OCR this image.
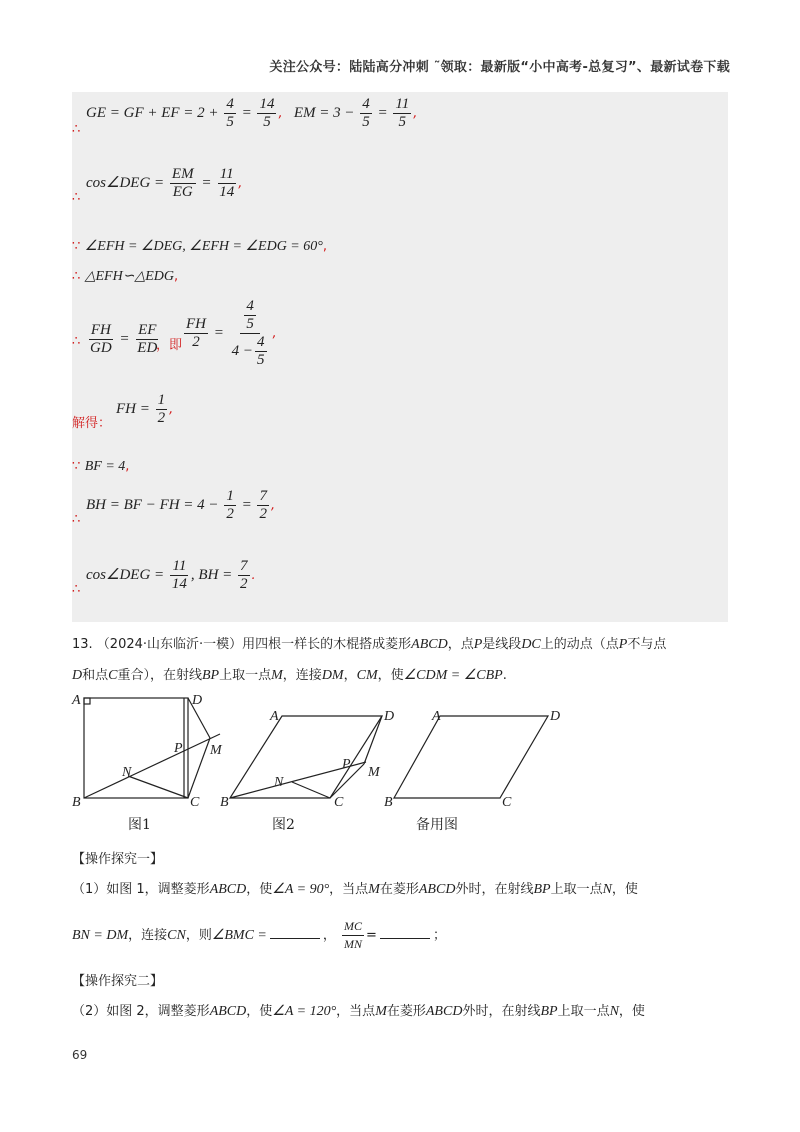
关注公众号：陆陆高分冲刺 ˜领取：最新版“小中高考-总复习”、最新试卷下载
∴
GE = GF + EF = $2 + \frac{4}{5} = \frac{14}{5}$ , EM = $3 - \frac{4}{5} = \frac{11}{5}$ ,
∴
cos∠DEG = $\frac{EM}{EG} = \frac{11}{14}$ ,
∵ ∠EFH = ∠DEG, ∠EFH = ∠EDG = 60°,
∴ △EFH∽△EDG,
∴ $\frac{FH}{GD} = \frac{EF}{ED}$
，即 $\frac{FH}{2} = \frac{\frac{4}{5}}{4 - \frac{4}{5}}$ ,
解得：
FH = $\frac{1}{2}$ ,
∵ BF = 4,
∴
BH = BF − FH = $4 - \frac{1}{2} = \frac{7}{2}$ ,
∴
cos∠DEG = $\frac{11}{14}$ , BH = $\frac{7}{2}$ .
13. （2024·山东临沂·一模）用四根一样长的木棍搭成菱形ABCD，点P是线段DC上的动点（点P不与点
D和点C重合），在射线BP上取一点M，连接DM，CM，使∠CDM = ∠CBP.
A	D
B	C
P M
N
A	D
B	C
P
M
N
A	D
B	C
图1	图2	备用图
【操作探究一】
（1）如图 1，调整菱形ABCD，使∠A = 90°，当点M在菱形ABCD外时，在射线BP上取一点N，使
BN = DM，连接CN，则∠BMC =	， $\frac{MC}{MN}$ =	；
【操作探究二】
（2）如图 2，调整菱形ABCD，使∠A = 120°，当点M在菱形ABCD外时，在射线BP上取一点N，使
69
